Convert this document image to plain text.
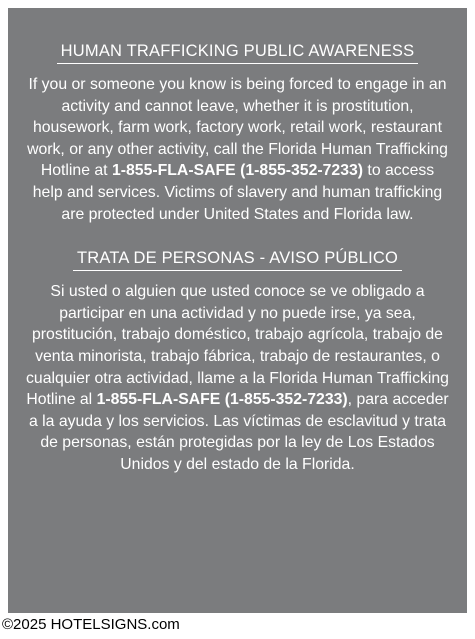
HUMAN TRAFFICKING PUBLIC AWARENESS

If you or someone you know is being forced to engage in an activity and cannot leave, whether it is prostitution, housework, farm work, factory work, retail work, restaurant work, or any other activity, call the Florida Human Trafficking Hotline at 1-855-FLA-SAFE (1-855-352-7233) to access help and services. Victims of slavery and human trafficking are protected under United States and Florida law.

TRATA DE PERSONAS - AVISO PÚBLICO

Si usted o alguien que usted conoce se ve obligado a participar en una actividad y no puede irse, ya sea, prostitución, trabajo doméstico, trabajo agrícola, trabajo de venta minorista, trabajo fábrica, trabajo de restaurantes, o cualquier otra actividad, llame a la Florida Human Trafficking Hotline al 1-855-FLA-SAFE (1-855-352-7233), para acceder a la ayuda y los servicios. Las víctimas de esclavitud y trata de personas, están protegidas por la ley de Los Estados Unidos y del estado de la Florida.

©2025 HOTELSIGNS.com
